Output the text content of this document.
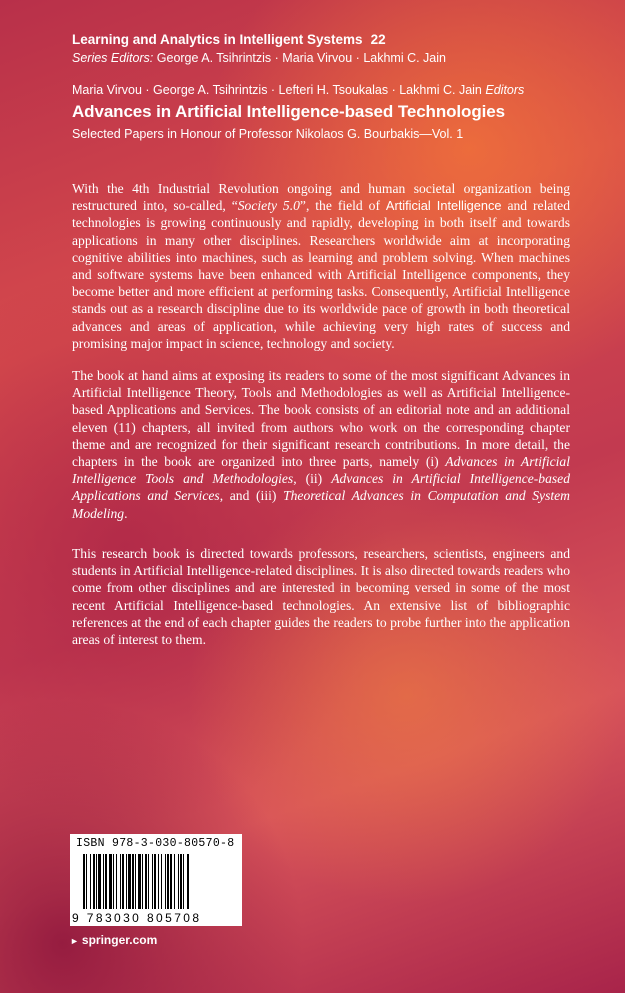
Learning and Analytics in Intelligent Systems 22
Series Editors: George A. Tsihrintzis · Maria Virvou · Lakhmi C. Jain
Maria Virvou · George A. Tsihrintzis · Lefteri H. Tsoukalas · Lakhmi C. Jain Editors
Advances in Artificial Intelligence-based Technologies
Selected Papers in Honour of Professor Nikolaos G. Bourbakis—Vol. 1
With the 4th Industrial Revolution ongoing and human societal organization being restructured into, so-called, “Society 5.0”, the field of Artificial Intelligence and related technologies is growing continuously and rapidly, developing in both itself and towards applications in many other disciplines. Researchers worldwide aim at incorporating cognitive abilities into machines, such as learning and problem solving. When machines and software systems have been enhanced with Artificial Intelligence components, they become better and more efficient at performing tasks. Consequently, Artificial Intelligence stands out as a research discipline due to its worldwide pace of growth in both theoretical advances and areas of application, while achieving very high rates of success and promising major impact in science, technology and society.
The book at hand aims at exposing its readers to some of the most significant Advances in Artificial Intelligence Theory, Tools and Methodologies as well as Artificial Intelligence-based Applications and Services. The book consists of an editorial note and an additional eleven (11) chapters, all invited from authors who work on the corresponding chapter theme and are recognized for their significant research contributions. In more detail, the chapters in the book are organized into three parts, namely (i) Advances in Artificial Intelligence Tools and Methodologies, (ii) Advances in Artificial Intelligence-based Applications and Services, and (iii) Theoretical Advances in Computation and System Modeling.
This research book is directed towards professors, researchers, scientists, engineers and students in Artificial Intelligence-related disciplines. It is also directed towards readers who come from other disciplines and are interested in becoming versed in some of the most recent Artificial Intelligence-based technologies. An extensive list of bibliographic references at the end of each chapter guides the readers to probe further into the application areas of interest to them.
ISBN 978-3-030-80570-8
9 783030 805708
► springer.com
